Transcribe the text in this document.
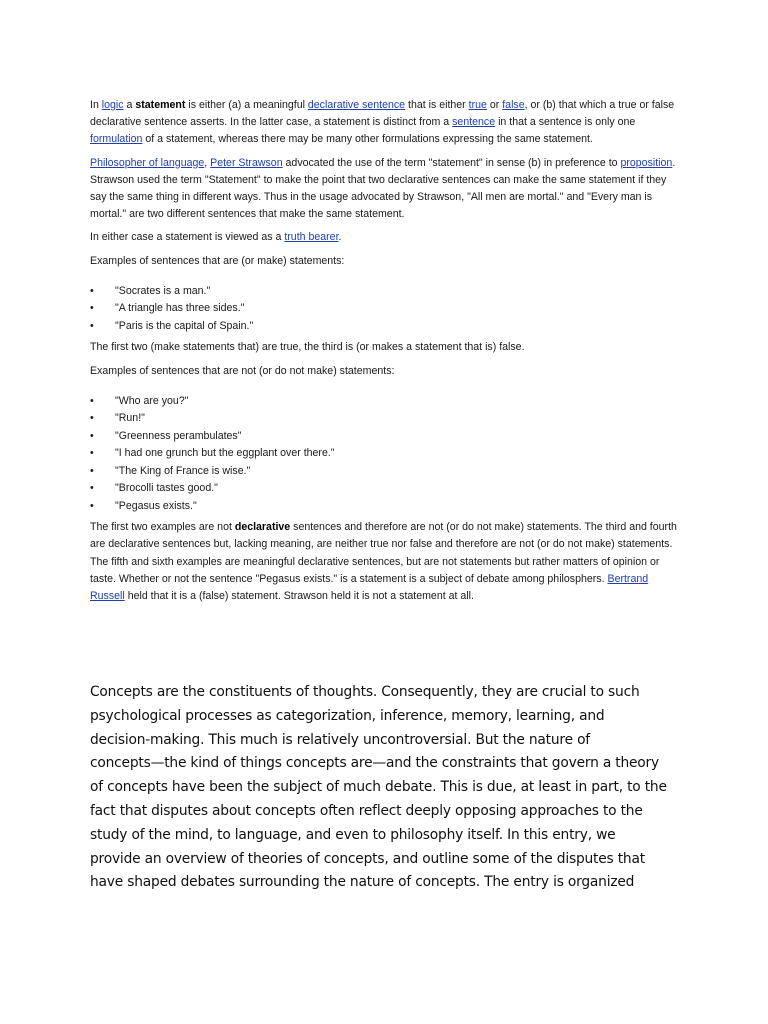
In logic a statement is either (a) a meaningful declarative sentence that is either true or false, or (b) that which a true or false declarative sentence asserts. In the latter case, a statement is distinct from a sentence in that a sentence is only one formulation of a statement, whereas there may be many other formulations expressing the same statement.

Philosopher of language, Peter Strawson advocated the use of the term "statement" in sense (b) in preference to proposition. Strawson used the term "Statement" to make the point that two declarative sentences can make the same statement if they say the same thing in different ways. Thus in the usage advocated by Strawson, "All men are mortal." and "Every man is mortal." are two different sentences that make the same statement.

In either case a statement is viewed as a truth bearer.

Examples of sentences that are (or make) statements:

• "Socrates is a man."
• "A triangle has three sides."
• "Paris is the capital of Spain."

The first two (make statements that) are true, the third is (or makes a statement that is) false.

Examples of sentences that are not (or do not make) statements:

• "Who are you?"
• "Run!"
• "Greenness perambulates"
• "I had one grunch but the eggplant over there."
• "The King of France is wise."
• "Brocolli tastes good."
• "Pegasus exists."

The first two examples are not declarative sentences and therefore are not (or do not make) statements. The third and fourth are declarative sentences but, lacking meaning, are neither true nor false and therefore are not (or do not make) statements. The fifth and sixth examples are meaningful declarative sentences, but are not statements but rather matters of opinion or taste. Whether or not the sentence "Pegasus exists." is a statement is a subject of debate among philosphers. Bertrand Russell held that it is a (false) statement. Strawson held it is not a statement at all.

Concepts are the constituents of thoughts. Consequently, they are crucial to such
psychological processes as categorization, inference, memory, learning, and
decision-making. This much is relatively uncontroversial. But the nature of
concepts—the kind of things concepts are—and the constraints that govern a theory
of concepts have been the subject of much debate. This is due, at least in part, to the
fact that disputes about concepts often reflect deeply opposing approaches to the
study of the mind, to language, and even to philosophy itself. In this entry, we
provide an overview of theories of concepts, and outline some of the disputes that
have shaped debates surrounding the nature of concepts. The entry is organized
